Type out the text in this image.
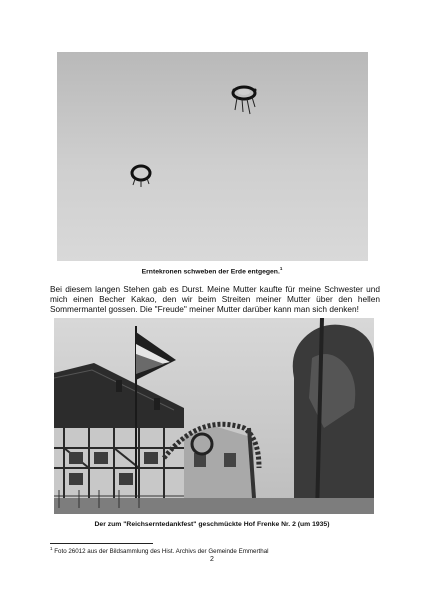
Erntekronen schweben der Erde entgegen.$^1$
Bei diesem langen Stehen gab es Durst. Meine Mutter kaufte für meine Schwester und mich einen Becher Kakao, den wir beim Streiten meiner Mutter über den hellen Sommermantel gossen. Die "Freude" meiner Mutter darüber kann man sich denken!
Der zum "Reichserntedankfest" geschmückte Hof Frenke Nr. 2 (um 1935)
$^1$ Foto 26012 aus der Bildsammlung des Hist. Archivs der Gemeinde Emmerthal
2
